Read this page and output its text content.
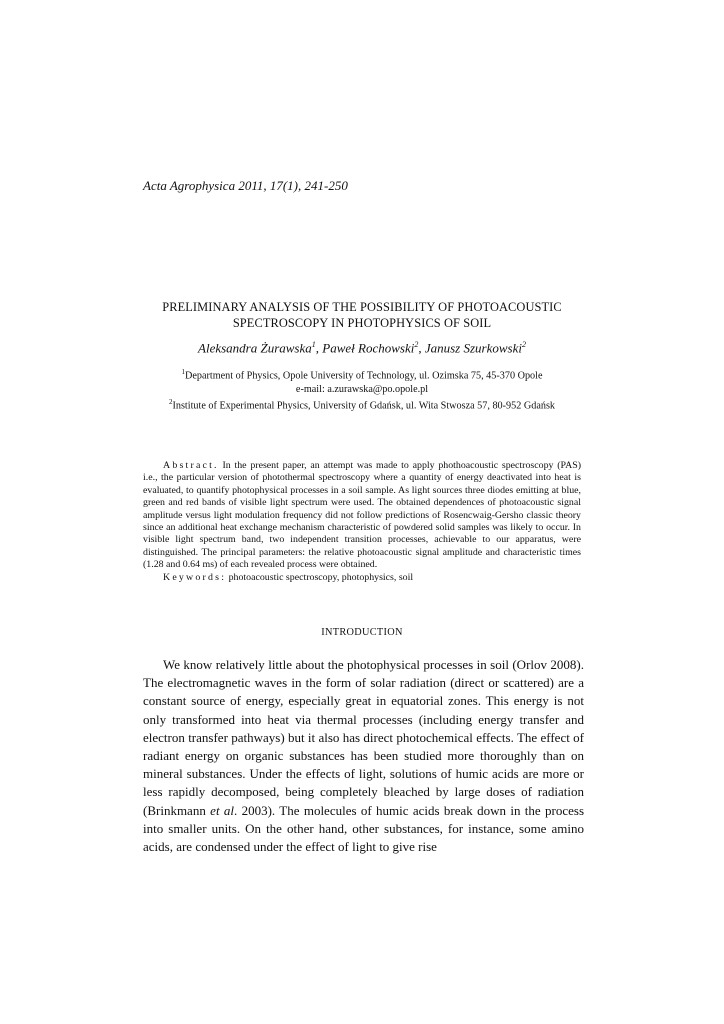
Acta Agrophysica 2011, 17(1), 241-250
PRELIMINARY ANALYSIS OF THE POSSIBILITY OF PHOTOACOUSTIC
SPECTROSCOPY IN PHOTOPHYSICS OF SOIL
Aleksandra Żurawska$^1$, Paweł Rochowski$^2$, Janusz Szurkowski$^2$
$^1$Department of Physics, Opole University of Technology, ul. Ozimska 75, 45-370 Opole
e-mail: a.zurawska@po.opole.pl
$^2$Institute of Experimental Physics, University of Gdańsk, ul. Wita Stwosza 57, 80-952 Gdańsk

Abstract. In the present paper, an attempt was made to apply phothoacoustic spectroscopy (PAS) i.e., the particular version of photothermal spectroscopy where a quantity of energy deactivated into heat is evaluated, to quantify photophysical processes in a soil sample. As light sources three diodes emitting at blue, green and red bands of visible light spectrum were used. The obtained dependences of photoacoustic signal amplitude versus light modulation frequency did not follow predictions of Rosencwaig-Gersho classic theory since an additional heat exchange mechanism characteristic of powdered solid samples was likely to occur. In visible light spectrum band, two independent transition processes, achievable to our apparatus, were distinguished. The principal parameters: the relative photoacoustic signal amplitude and characteristic times (1.28 and 0.64 ms) of each revealed process were obtained.

Keywords: photoacoustic spectroscopy, photophysics, soil

INTRODUCTION

We know relatively little about the photophysical processes in soil (Orlov 2008). The electromagnetic waves in the form of solar radiation (direct or scattered) are a constant source of energy, especially great in equatorial zones. This energy is not only transformed into heat via thermal processes (including energy transfer and electron transfer pathways) but it also has direct photochemical effects. The effect of radiant energy on organic substances has been studied more thoroughly than on mineral substances. Under the effects of light, solutions of humic acids are more or less rapidly decomposed, being completely bleached by large doses of radiation (Brinkmann et al. 2003). The molecules of humic acids break down in the process into smaller units. On the other hand, other substances, for instance, some amino acids, are condensed under the effect of light to give rise
